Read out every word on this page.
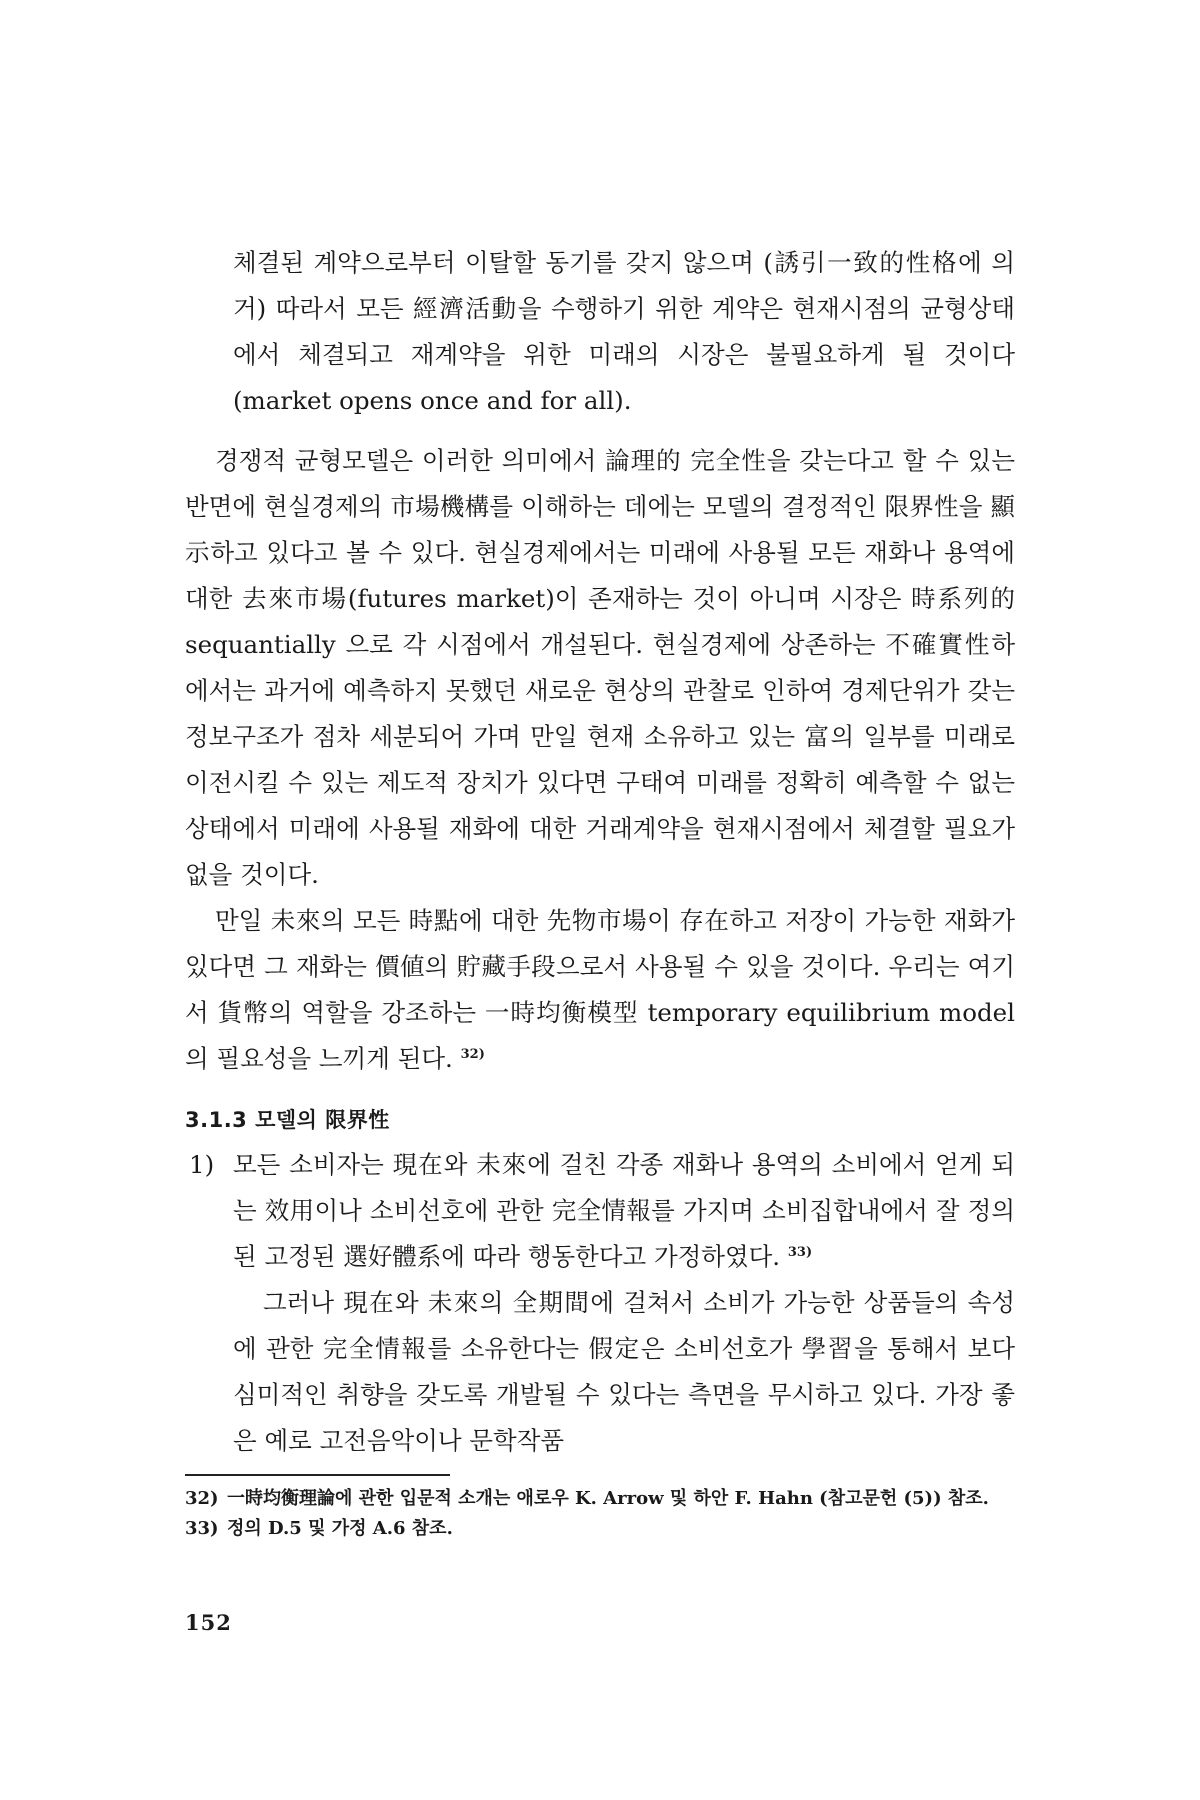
체결된 계약으로부터 이탈할 동기를 갖지 않으며 (誘引一致的性格에 의거) 따라서 모든 經濟活動을 수행하기 위한 계약은 현재시점의 균형상태에서 체결되고 재계약을 위한 미래의 시장은 불필요하게 될 것이다(market opens once and for all).

경쟁적 균형모델은 이러한 의미에서 論理的 完全性을 갖는다고 할 수 있는 반면에 현실경제의 市場機構를 이해하는 데에는 모델의 결정적인 限界性을 顯示하고 있다고 볼 수 있다. 현실경제에서는 미래에 사용될 모든 재화나 용역에 대한 去來市場(futures market)이 존재하는 것이 아니며 시장은 時系列的 sequantially 으로 각 시점에서 개설된다. 현실경제에 상존하는 不確實性하에서는 과거에 예측하지 못했던 새로운 현상의 관찰로 인하여 경제단위가 갖는 정보구조가 점차 세분되어 가며 만일 현재 소유하고 있는 富의 일부를 미래로 이전시킬 수 있는 제도적 장치가 있다면 구태여 미래를 정확히 예측할 수 없는 상태에서 미래에 사용될 재화에 대한 거래계약을 현재시점에서 체결할 필요가 없을 것이다.

만일 未來의 모든 時點에 대한 先物市場이 存在하고 저장이 가능한 재화가 있다면 그 재화는 價値의 貯藏手段으로서 사용될 수 있을 것이다. 우리는 여기서 貨幣의 역할을 강조하는 一時均衡模型 temporary equilibrium model의 필요성을 느끼게 된다. $^{32)}$

3.1.3 모델의 限界性
1) 모든 소비자는 現在와 未來에 걸친 각종 재화나 용역의 소비에서 얻게 되는 效用이나 소비선호에 관한 完全情報를 가지며 소비집합내에서 잘 정의된 고정된 選好體系에 따라 행동한다고 가정하였다. $^{33)}$
그러나 現在와 未來의 全期間에 걸쳐서 소비가 가능한 상품들의 속성에 관한 完全情報를 소유한다는 假定은 소비선호가 學習을 통해서 보다 심미적인 취향을 갖도록 개발될 수 있다는 측면을 무시하고 있다. 가장 좋은 예로 고전음악이나 문학작품
32) 一時均衡理論에 관한 입문적 소개는 애로우 K. Arrow 및 하안 F. Hahn (참고문헌 (5)) 참조.
33) 정의 D.5 및 가정 A.6 참조.
152
